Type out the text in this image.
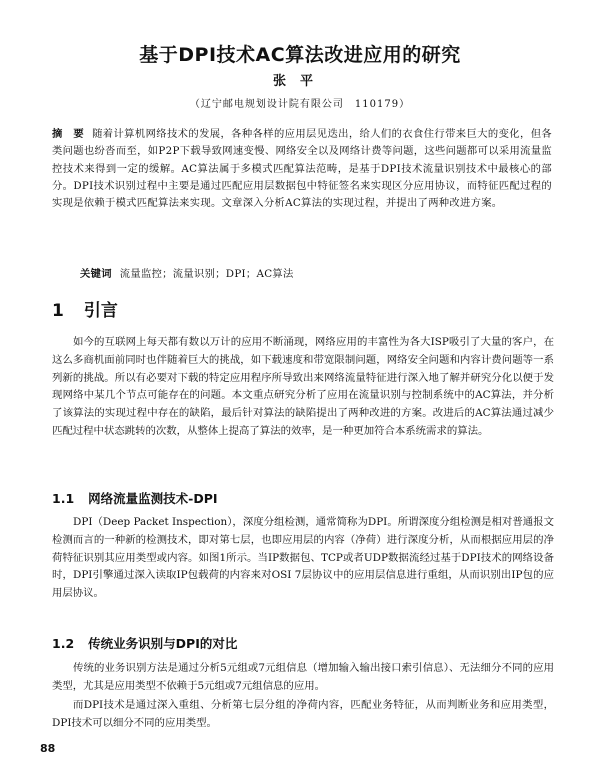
基于DPI技术AC算法改进应用的研究
张平
（辽宁邮电规划设计院有限公司　110179）
摘　要 随着计算机网络技术的发展，各种各样的应用层见迭出，给人们的衣食住行带来巨大的变化，但各类问题也纷沓而至，如P2P下载导致网速变慢、网络安全以及网络计费等问题，这些问题都可以采用流量监控技术来得到一定的缓解。AC算法属于多模式匹配算法范畴，是基于DPI技术流量识别技术中最核心的部分。DPI技术识别过程中主要是通过匹配应用层数据包中特征签名来实现区分应用协议，而特征匹配过程的实现是依赖于模式匹配算法来实现。文章深入分析AC算法的实现过程，并提出了两种改进方案。
关键词 流量监控；流量识别；DPI；AC算法
1 引言
如今的互联网上每天都有数以万计的应用不断涌现，网络应用的丰富性为各大ISP吸引了大量的客户，在这么多商机面前同时也伴随着巨大的挑战，如下载速度和带宽限制问题，网络安全问题和内容计费问题等一系列新的挑战。所以有必要对下载的特定应用程序所导致出来网络流量特征进行深入地了解并研究分化以便于发现网络中某几个节点可能存在的问题。本文重点研究分析了应用在流量识别与控制系统中的AC算法，并分析了该算法的实现过程中存在的缺陷，最后针对算法的缺陷提出了两种改进的方案。改进后的AC算法通过减少匹配过程中状态跳转的次数，从整体上提高了算法的效率，是一种更加符合本系统需求的算法。
1.1 网络流量监测技术-DPI
DPI（Deep Packet Inspection），深度分组检测，通常简称为DPI。所谓深度分组检测是相对普通报文检测而言的一种新的检测技术，即对第七层，也即应用层的内容（净荷）进行深度分析，从而根据应用层的净荷特征识别其应用类型或内容。如图1所示。当IP数据包、TCP或者UDP数据流经过基于DPI技术的网络设备时，DPI引擎通过深入读取IP包载荷的内容来对OSI 7层协议中的应用层信息进行重组，从而识别出IP包的应用层协议。
1.2 传统业务识别与DPI的对比
传统的业务识别方法是通过分析5元组或7元组信息（增加输入输出接口索引信息）、无法细分不同的应用类型，尤其是应用类型不依赖于5元组或7元组信息的应用。
而DPI技术是通过深入重组、分析第七层分组的净荷内容，匹配业务特征，从而判断业务和应用类型，DPI技术可以细分不同的应用类型。
88
